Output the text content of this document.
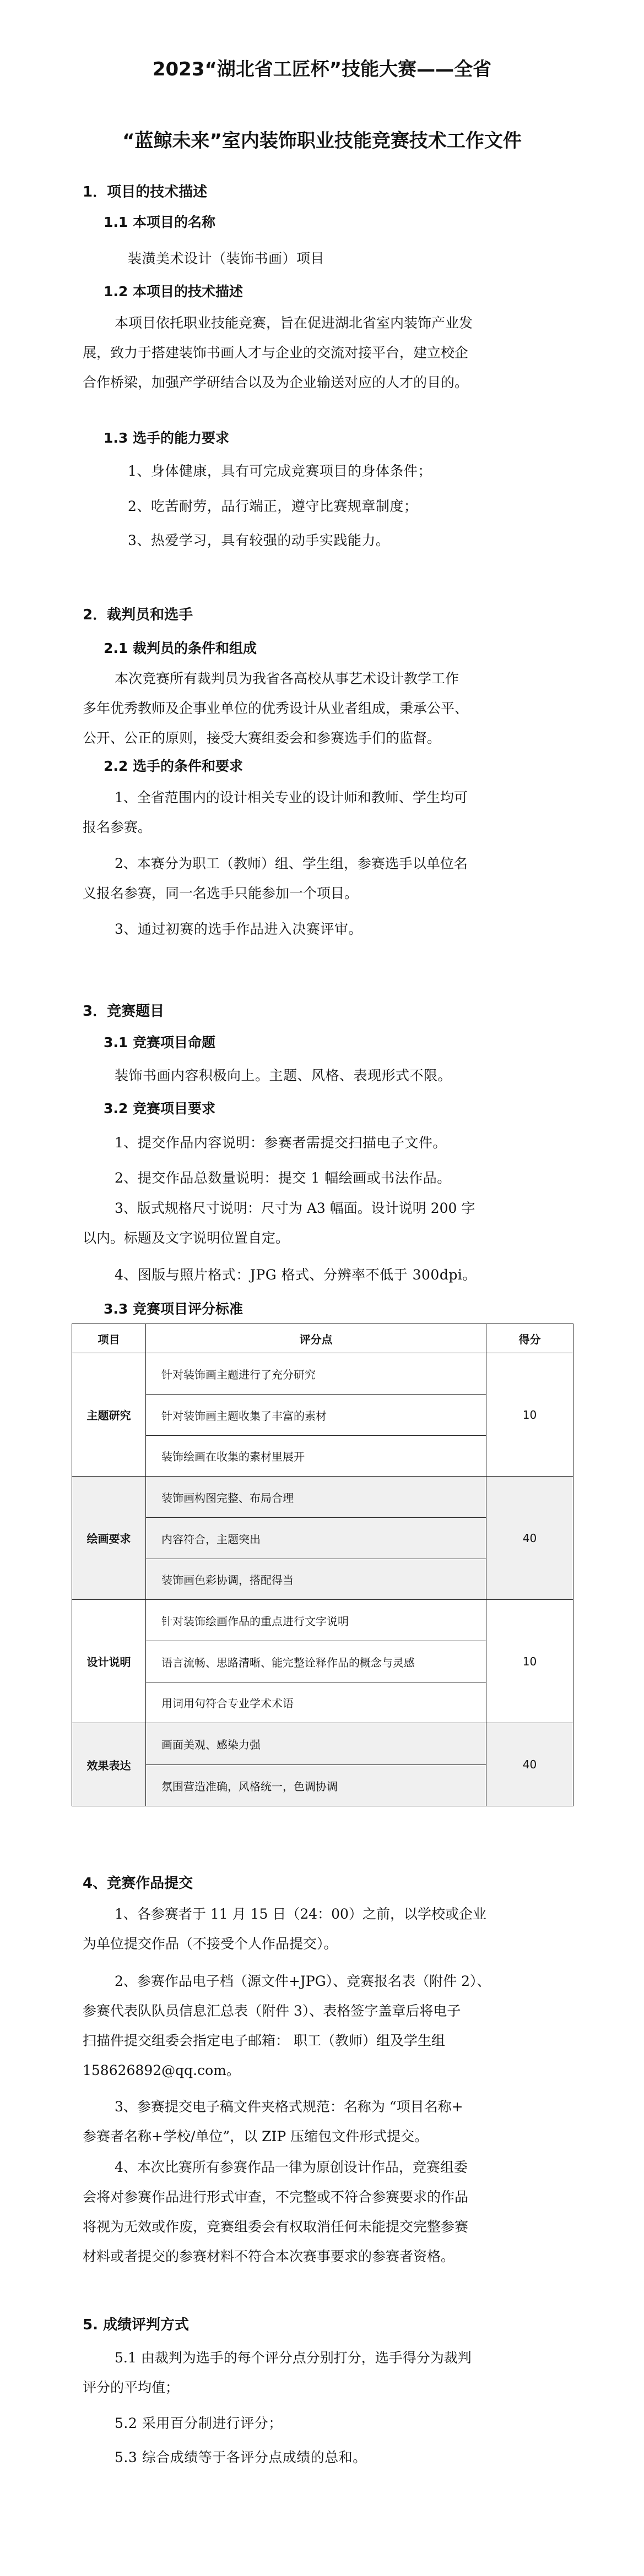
2023“湖北省工匠杯”技能大赛——全省
“蓝鲸未来”室内装饰职业技能竞赛技术工作文件
1．项目的技术描述
1.1 本项目的名称
装潢美术设计（装饰书画）项目
1.2 本项目的技术描述
本项目依托职业技能竞赛，旨在促进湖北省室内装饰产业发
展，致力于搭建装饰书画人才与企业的交流对接平台，建立校企
合作桥梁，加强产学研结合以及为企业输送对应的人才的目的。
1.3 选手的能力要求
1、身体健康，具有可完成竞赛项目的身体条件；
2、吃苦耐劳，品行端正，遵守比赛规章制度；
3、热爱学习，具有较强的动手实践能力。
2．裁判员和选手
2.1 裁判员的条件和组成
本次竞赛所有裁判员为我省各高校从事艺术设计教学工作
多年优秀教师及企事业单位的优秀设计从业者组成，秉承公平、
公开、公正的原则，接受大赛组委会和参赛选手们的监督。
2.2 选手的条件和要求
1、全省范围内的设计相关专业的设计师和教师、学生均可
报名参赛。
2、本赛分为职工（教师）组、学生组，参赛选手以单位名
义报名参赛，同一名选手只能参加一个项目。
3、通过初赛的选手作品进入决赛评审。
3．竞赛题目
3.1 竞赛项目命题
装饰书画内容积极向上。主题、风格、表现形式不限。
3.2 竞赛项目要求
1、提交作品内容说明：参赛者需提交扫描电子文件。
2、提交作品总数量说明：提交 1 幅绘画或书法作品。
3、版式规格尺寸说明：尺寸为 A3 幅面。设计说明 200 字
以内。标题及文字说明位置自定。
4、图版与照片格式：JPG 格式、分辨率不低于 300dpi。
3.3 竞赛项目评分标准
项目	评分点	得分
主题研究
针对装饰画主题进行了充分研究
针对装饰画主题收集了丰富的素材
装饰绘画在收集的素材里展开
10
绘画要求
装饰画构图完整、布局合理
内容符合，主题突出
装饰画色彩协调，搭配得当
40
设计说明
针对装饰绘画作品的重点进行文字说明
语言流畅、思路清晰、能完整诠释作品的概念与灵感
用词用句符合专业学术术语
10
效果表达
画面美观、感染力强
氛围营造准确，风格统一，色调协调
40
4、竞赛作品提交
1、各参赛者于 11 月 15 日（24：00）之前，以学校或企业
为单位提交作品（不接受个人作品提交）。
2、参赛作品电子档（源文件+JPG）、竞赛报名表（附件 2）、
参赛代表队队员信息汇总表（附件 3）、表格签字盖章后将电子
扫描件提交组委会指定电子邮箱： 职工（教师）组及学生组
158626892@qq.com。
3、参赛提交电子稿文件夹格式规范：名称为 “项目名称+
参赛者名称+学校/单位”，以 ZIP 压缩包文件形式提交。
4、本次比赛所有参赛作品一律为原创设计作品，竞赛组委
会将对参赛作品进行形式审查，不完整或不符合参赛要求的作品
将视为无效或作废，竞赛组委会有权取消任何未能提交完整参赛
材料或者提交的参赛材料不符合本次赛事要求的参赛者资格。
5. 成绩评判方式
5.1 由裁判为选手的每个评分点分别打分，选手得分为裁判
评分的平均值；
5.2 采用百分制进行评分；
5.3 综合成绩等于各评分点成绩的总和。
